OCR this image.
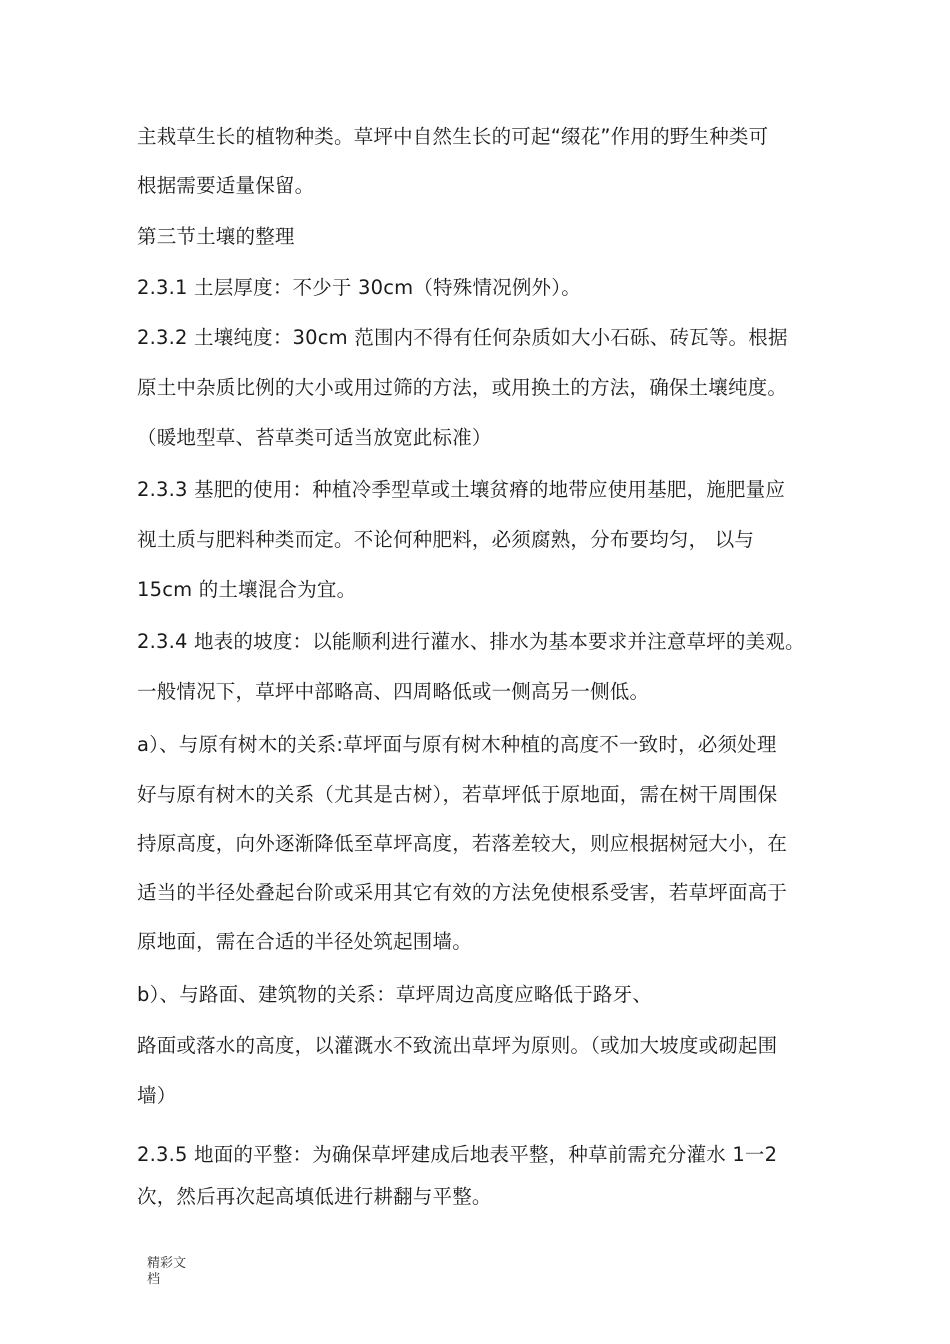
主栽草生长的植物种类。草坪中自然生长的可起“缀花”作用的野生种类可
根据需要适量保留。
第三节土壤的整理
2.3.1 土层厚度：不少于 30cm（特殊情况例外）。
2.3.2 土壤纯度：30cm 范围内不得有任何杂质如大小石砾、砖瓦等。根据
原土中杂质比例的大小或用过筛的方法，或用换土的方法，确保土壤纯度。
（暖地型草、苔草类可适当放宽此标准）
2.3.3 基肥的使用：种植冷季型草或土壤贫瘠的地带应使用基肥，施肥量应
视土质与肥料种类而定。不论何种肥料，必须腐熟，分布要均匀， 以与
15cm 的土壤混合为宜。
2.3.4 地表的坡度：以能顺利进行灌水、排水为基本要求并注意草坪的美观。
一般情况下，草坪中部略高、四周略低或一侧高另一侧低。
a）、与原有树木的关系:草坪面与原有树木种植的高度不一致时，必须处理
好与原有树木的关系（尤其是古树），若草坪低于原地面，需在树干周围保
持原高度，向外逐渐降低至草坪高度，若落差较大，则应根据树冠大小，在
适当的半径处叠起台阶或采用其它有效的方法免使根系受害，若草坪面高于
原地面，需在合适的半径处筑起围墙。
b）、与路面、建筑物的关系：草坪周边高度应略低于路牙、
路面或落水的高度，以灌溉水不致流出草坪为原则。（或加大坡度或砌起围
墙）
2.3.5 地面的平整：为确保草坪建成后地表平整，种草前需充分灌水 1一2
次，然后再次起高填低进行耕翻与平整。
精彩文
档
